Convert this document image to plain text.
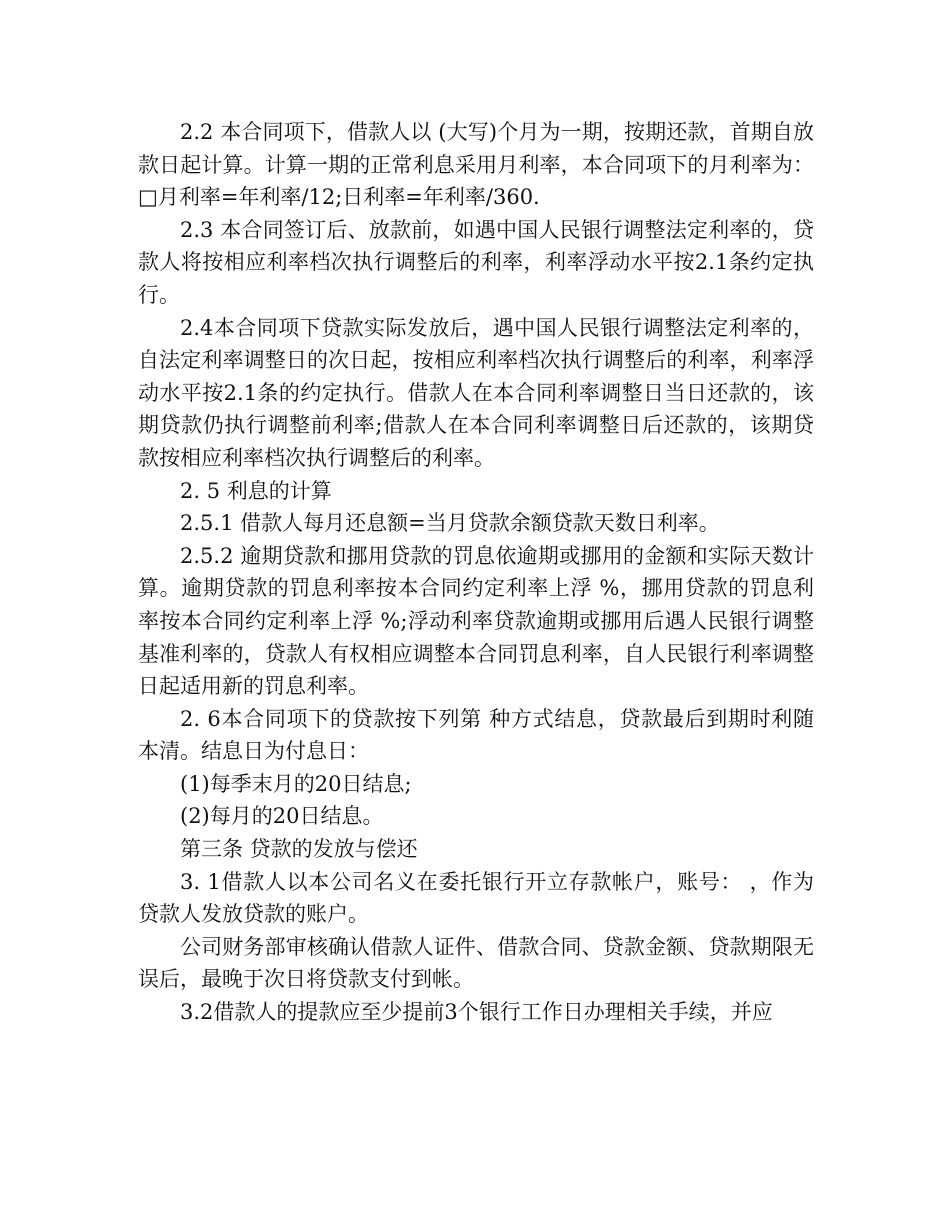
2.2 本合同项下，借款人以 (大写)个月为一期，按期还款，首期自放款日起计算。计算一期的正常利息采用月利率，本合同项下的月利率为：□月利率=年利率/12;日利率=年利率/360.

2.3 本合同签订后、放款前，如遇中国人民银行调整法定利率的，贷款人将按相应利率档次执行调整后的利率，利率浮动水平按2.1条约定执行。

2.4本合同项下贷款实际发放后，遇中国人民银行调整法定利率的，自法定利率调整日的次日起，按相应利率档次执行调整后的利率，利率浮动水平按2.1条的约定执行。借款人在本合同利率调整日当日还款的，该期贷款仍执行调整前利率;借款人在本合同利率调整日后还款的，该期贷款按相应利率档次执行调整后的利率。

2. 5 利息的计算

2.5.1 借款人每月还息额=当月贷款余额贷款天数日利率。

2.5.2 逾期贷款和挪用贷款的罚息依逾期或挪用的金额和实际天数计算。逾期贷款的罚息利率按本合同约定利率上浮 %，挪用贷款的罚息利率按本合同约定利率上浮 %;浮动利率贷款逾期或挪用后遇人民银行调整基准利率的，贷款人有权相应调整本合同罚息利率，自人民银行利率调整日起适用新的罚息利率。

2. 6本合同项下的贷款按下列第 种方式结息，贷款最后到期时利随本清。结息日为付息日：

(1)每季末月的20日结息;

(2)每月的20日结息。

第三条 贷款的发放与偿还

3. 1借款人以本公司名义在委托银行开立存款帐户，账号： ，作为贷款人发放贷款的账户。

公司财务部审核确认借款人证件、借款合同、贷款金额、贷款期限无误后，最晚于次日将贷款支付到帐。

3.2借款人的提款应至少提前3个银行工作日办理相关手续，并应
